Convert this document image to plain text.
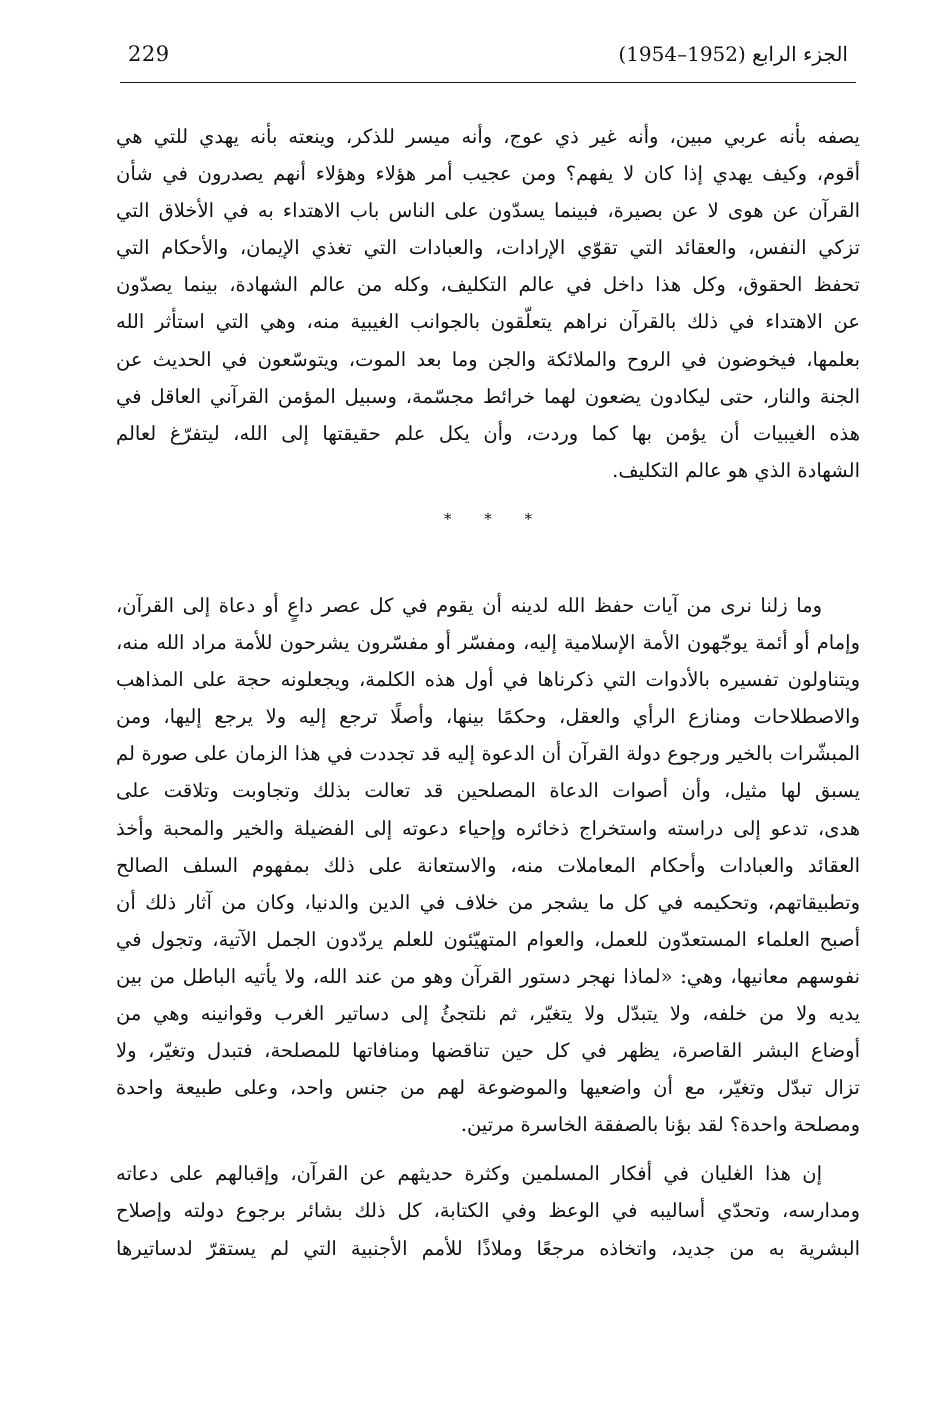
229	الجزء الرابع (1952–1954)
يصفه بأنه عربي مبين، وأنه غير ذي عوج، وأنه ميسر للذكر، وينعته بأنه يهدي للتي هي
أقوم، وكيف يهدي إذا كان لا يفهم؟ ومن عجيب أمر هؤلاء وهؤلاء أنهم يصدرون في شأن
القرآن عن هوى لا عن بصيرة، فبينما يسدّون على الناس باب الاهتداء به في الأخلاق التي
تزكي النفس، والعقائد التي تقوّي الإرادات، والعبادات التي تغذي الإيمان، والأحكام التي
تحفظ الحقوق، وكل هذا داخل في عالم التكليف، وكله من عالم الشهادة، بينما يصدّون
عن الاهتداء في ذلك بالقرآن نراهم يتعلّقون بالجوانب الغيبية منه، وهي التي استأثر الله
بعلمها، فيخوضون في الروح والملائكة والجن وما بعد الموت، ويتوسّعون في الحديث عن
الجنة والنار، حتى ليكادون يضعون لهما خرائط مجسّمة، وسبيل المؤمن القرآني العاقل في
هذه الغيبيات أن يؤمن بها كما وردت، وأن يكل علم حقيقتها إلى الله، ليتفرّغ لعالم
الشهادة الذي هو عالم التكليف.
* * *
وما زلنا نرى من آيات حفظ الله لدينه أن يقوم في كل عصر داعٍ أو دعاة إلى القرآن،
وإمام أو أئمة يوجّهون الأمة الإسلامية إليه، ومفسّر أو مفسّرون يشرحون للأمة مراد الله منه،
ويتناولون تفسيره بالأدوات التي ذكرناها في أول هذه الكلمة، ويجعلونه حجة على المذاهب
والاصطلاحات ومنازع الرأي والعقل، وحكمًا بينها، وأصلًا ترجع إليه ولا يرجع إليها، ومن
المبشّرات بالخير ورجوع دولة القرآن أن الدعوة إليه قد تجددت في هذا الزمان على صورة لم
يسبق لها مثيل، وأن أصوات الدعاة المصلحين قد تعالت بذلك وتجاوبت وتلاقت على
هدى، تدعو إلى دراسته واستخراج ذخائره وإحياء دعوته إلى الفضيلة والخير والمحبة وأخذ
العقائد والعبادات وأحكام المعاملات منه، والاستعانة على ذلك بمفهوم السلف الصالح
وتطبيقاتهم، وتحكيمه في كل ما يشجر من خلاف في الدين والدنيا، وكان من آثار ذلك أن
أصبح العلماء المستعدّون للعمل، والعوام المتهيّئون للعلم يردّدون الجمل الآتية، وتجول في
نفوسهم معانيها، وهي: «لماذا نهجر دستور القرآن وهو من عند الله، ولا يأتيه الباطل من بين
يديه ولا من خلفه، ولا يتبدّل ولا يتغيّر، ثم نلتجئُ إلى دساتير الغرب وقوانينه وهي من
أوضاع البشر القاصرة، يظهر في كل حين تناقضها ومنافاتها للمصلحة، فتبدل وتغيّر، ولا
تزال تبدّل وتغيّر، مع أن واضعيها والموضوعة لهم من جنس واحد، وعلى طبيعة واحدة
ومصلحة واحدة؟ لقد بؤنا بالصفقة الخاسرة مرتين.
إن هذا الغليان في أفكار المسلمين وكثرة حديثهم عن القرآن، وإقبالهم على دعاته
ومدارسه، وتحدّي أساليبه في الوعظ وفي الكتابة، كل ذلك بشائر برجوع دولته وإصلاح
البشرية به من جديد، واتخاذه مرجعًا وملاذًا للأمم الأجنبية التي لم يستقرّ لدساتيرها
